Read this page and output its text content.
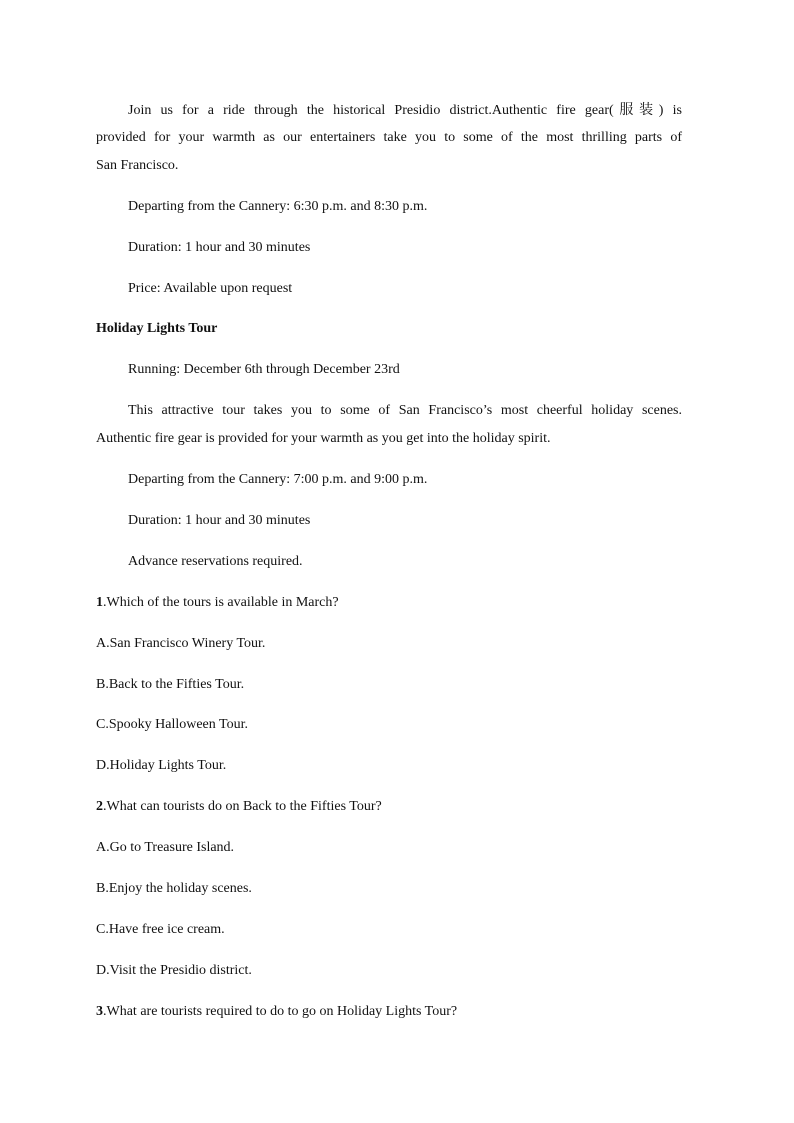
Join us for a ride through the historical Presidio district.Authentic fire gear(服装) is
provided for your warmth as our entertainers take you to some of the most thrilling parts of
San Francisco.
Departing from the Cannery: 6:30 p.m. and 8:30 p.m.
Duration: 1 hour and 30 minutes
Price: Available upon request
Holiday Lights Tour
Running: December 6th through December 23rd
This attractive tour takes you to some of San Francisco’s most cheerful holiday scenes.
Authentic fire gear is provided for your warmth as you get into the holiday spirit.
Departing from the Cannery: 7:00 p.m. and 9:00 p.m.
Duration: 1 hour and 30 minutes
Advance reservations required.
1.Which of the tours is available in March?
A.San Francisco Winery Tour.
B.Back to the Fifties Tour.
C.Spooky Halloween Tour.
D.Holiday Lights Tour.
2.What can tourists do on Back to the Fifties Tour?
A.Go to Treasure Island.
B.Enjoy the holiday scenes.
C.Have free ice cream.
D.Visit the Presidio district.
3.What are tourists required to do to go on Holiday Lights Tour?
